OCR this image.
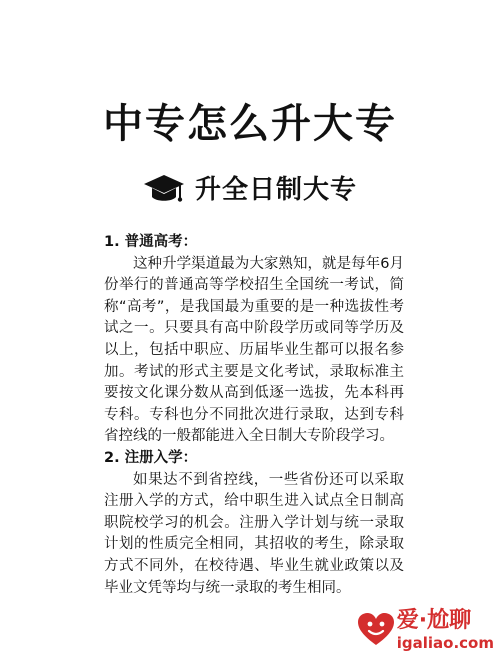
中专怎么升大专
升全日制大专

1. 普通高考：

这种升学渠道最为大家熟知，就是每年6月份举行的普通高等学校招生全国统一考试，简称“高考”，是我国最为重要的是一种选拔性考试之一。只要具有高中阶段学历或同等学历及以上，包括中职应、历届毕业生都可以报名参加。考试的形式主要是文化考试，录取标准主要按文化课分数从高到低逐一选拔，先本科再专科。专科也分不同批次进行录取，达到专科省控线的一般都能进入全日制大专阶段学习。

2. 注册入学：

如果达不到省控线，一些省份还可以采取注册入学的方式，给中职生进入试点全日制高职院校学习的机会。注册入学计划与统一录取计划的性质完全相同，其招收的考生，除录取方式不同外，在校待遇、毕业生就业政策以及毕业文凭等均与统一录取的考生相同。

爱·尬聊
igaliao.com
